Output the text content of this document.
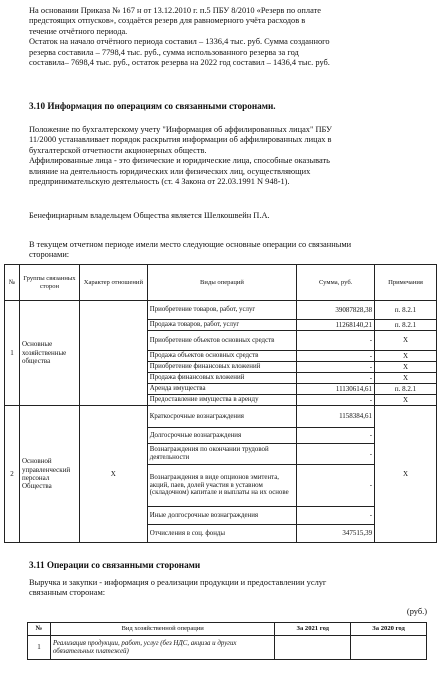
На основании Приказа № 167 н от 13.12.2010 г. п.5 ПБУ 8/2010 «Резерв по оплате
предстоящих отпусков», создаётся резерв для равномерного учёта расходов в
течение отчётного периода.
Остаток на начало отчётного периода составил – 1336,4 тыс. руб. Сумма созданного
резерва составила – 7798,4 тыс. руб., сумма использованного резерва за год
составила– 7698,4 тыс. руб., остаток резерва на 2022 год составил – 1436,4 тыс. руб.
3.10 Информация по операциям со связанными сторонами.
Положение по бухгалтерскому учету "Информация об аффилированных лицах" ПБУ
11/2000 устанавливает порядок раскрытия информации об аффилированных лицах в
бухгалтерской отчетности акционерных обществ.
Аффилированные лица - это физические и юридические лица, способные оказывать
влияние на деятельность юридических или физических лиц, осуществляющих
предпринимательскую деятельность (ст. 4 Закона от 22.03.1991 N 948-1).
Бенефициарным владельцем Общества является Шелкошвейн П.А.
В текущем отчетном периоде имели место следующие основные операции со связанными
сторонами:
№	Группы связанных сторон	Характер отношений	Виды операций	Сумма, руб.	Примечания
1	Основные хозяйственные общества		Приобретение товаров, работ, услуг	39087828,38	п. 8.2.1
			Продажа товаров, работ, услуг	11268140,21	п. 8.2.1
			Приобретение объектов основных средств	-	Х
			Продажа объектов основных средств	-	Х
			Приобретение финансовых вложений	-	Х
			Продажа финансовых вложений	-	Х
			Аренда имущества	11130614,61	п. 8.2.1
			Предоставление имущества в аренду	-	Х
2	Основной управленческий персонал Общества	Х	Краткосрочные вознаграждения	1158384,61	Х
			Долгосрочные вознаграждения	-	
			Вознаграждения по окончании трудовой деятельности	-	
			Вознаграждения в виде опционов эмитента, акций, паев, долей участия в уставном (складочном) капитале и выплаты на их основе	-	
			Иные долгосрочные вознаграждения	-	
			Отчисления в соц. фонды	347515,39	
3.11 Операции со связанными сторонами
Выручка и закупки - информация о реализации продукции и предоставлении услуг
связанным сторонам:
(руб.)
№	Вид хозяйственной операции	За 2021 год	За 2020 год
1	Реализация продукции, работ, услуг (без НДС, акциза и других обязательных платежей)		
